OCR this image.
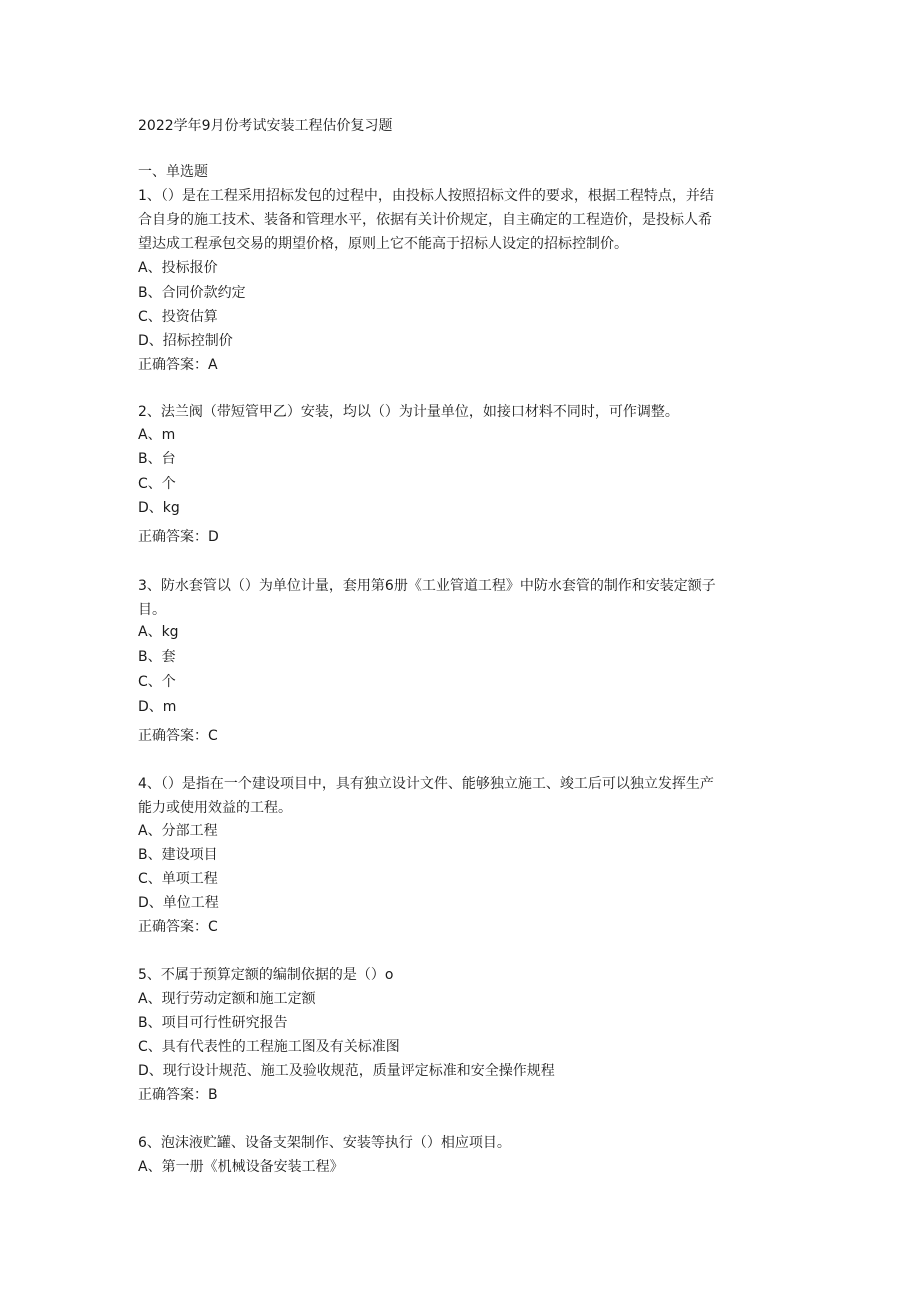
2022学年9月份考试安装工程估价复习题
一、单选题
1、（）是在工程采用招标发包的过程中，由投标人按照招标文件的要求，根据工程特点，并结
合自身的施工技术、装备和管理水平，依据有关计价规定，自主确定的工程造价，是投标人希
望达成工程承包交易的期望价格，原则上它不能高于招标人设定的招标控制价。
A、投标报价
B、合同价款约定
C、投资估算
D、招标控制价
正确答案：A
2、法兰阀（带短管甲乙）安装，均以（）为计量单位，如接口材料不同时，可作调整。
A、m
B、台
C、个
D、kg
正确答案：D
3、防水套管以（）为单位计量，套用第6册《工业管道工程》中防水套管的制作和安装定额子
目。
A、kg
B、套
C、个
D、m
正确答案：C
4、（）是指在一个建设项目中，具有独立设计文件、能够独立施工、竣工后可以独立发挥生产
能力或使用效益的工程。
A、分部工程
B、建设项目
C、单项工程
D、单位工程
正确答案：C
5、不属于预算定额的编制依据的是（）o
A、现行劳动定额和施工定额
B、项目可行性研究报告
C、具有代表性的工程施工图及有关标准图
D、现行设计规范、施工及验收规范，质量评定标准和安全操作规程
正确答案：B
6、泡沫液贮罐、设备支架制作、安装等执行（）相应项目。
A、第一册《机械设备安装工程》
